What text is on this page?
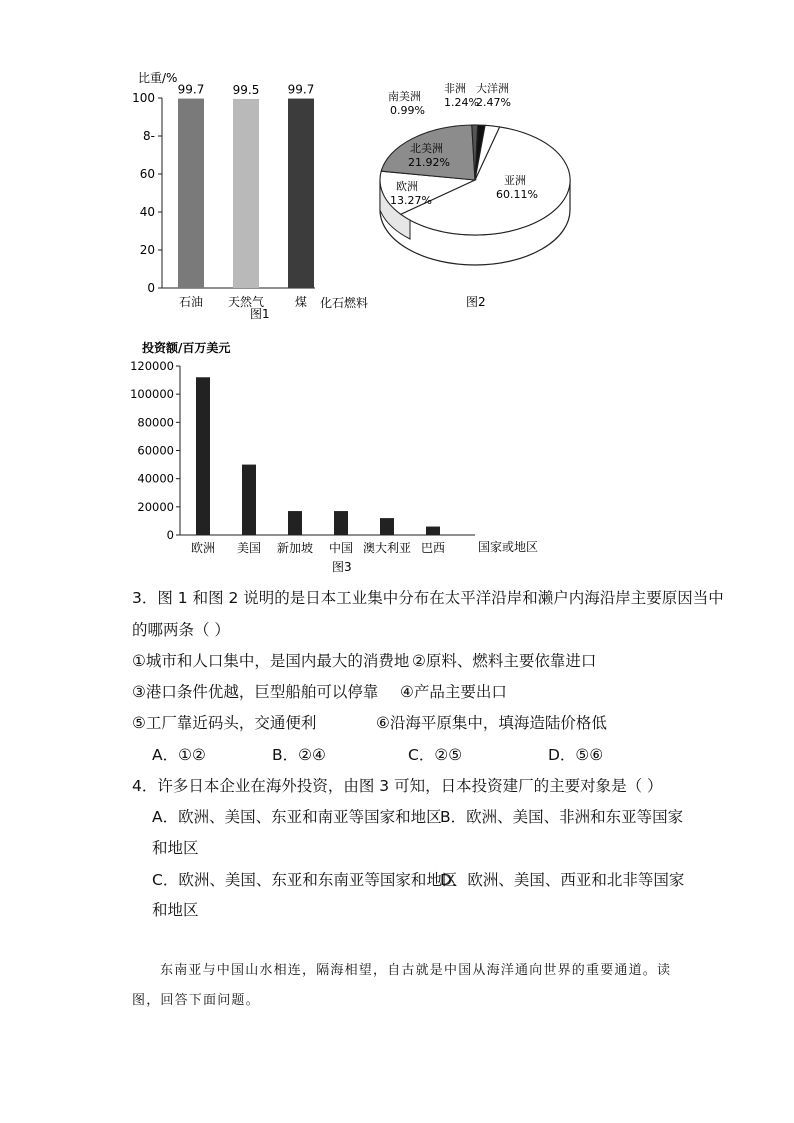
比重/%
0
20
40
60
8-
100
99.7
石油
99.5
天然气
99.7
煤 化石燃料
图1
南美洲
0.99%
非洲
1.24%
大洋洲
2.47%
北美洲
21.92%
欧洲
13.27%
亚洲
60.11%
图2
投资额/百万美元
0
20000
40000
60000
80000
100000
120000
欧洲 美国 新加坡 中国 澳大利亚 巴西	国家或地区
图3
3．图 1 和图 2 说明的是日本工业集中分布在太平洋沿岸和濑户内海沿岸主要原因当中
的哪两条（ ）
①城市和人口集中，是国内最大的消费地 ②原料、燃料主要依靠进口
③港口条件优越，巨型船舶可以停靠 ④产品主要出口
⑤工厂靠近码头，交通便利	⑥沿海平原集中，填海造陆价格低
A．①②	B．②④	C．②⑤	D．⑤⑥
4．许多日本企业在海外投资，由图 3 可知，日本投资建厂的主要对象是（ ）
A．欧洲、美国、东亚和南亚等国家和地区
B．欧洲、美国、非洲和东亚等国家
和地区
C．欧洲、美国、东亚和东南亚等国家和地区
D．欧洲、美国、西亚和北非等国家
和地区
东南亚与中国山水相连，隔海相望，自古就是中国从海洋通向世界的重要通道。读图，回答下面问题。
